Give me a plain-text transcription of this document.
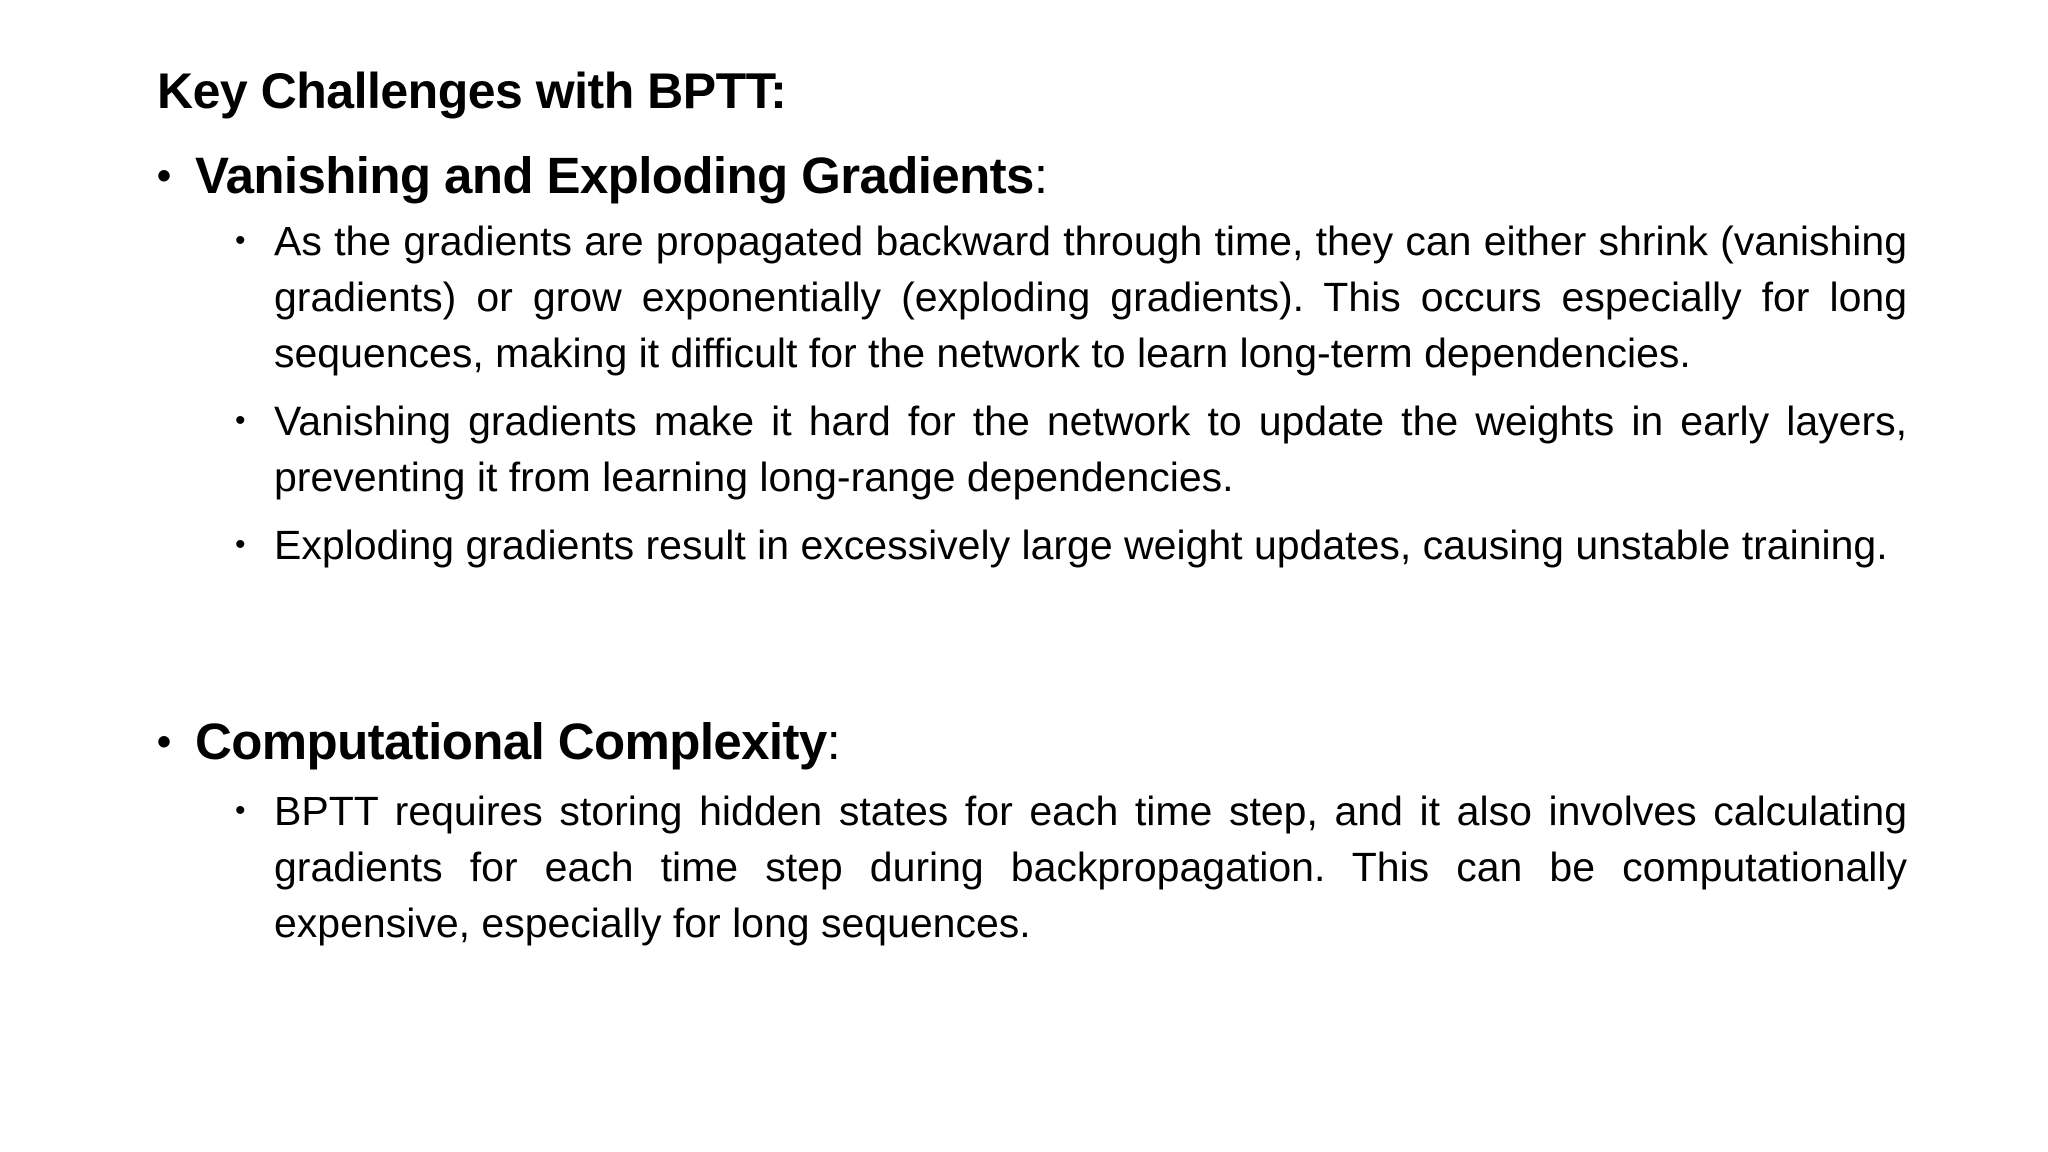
Key Challenges with BPTT:
• Vanishing and Exploding Gradients:
• As the gradients are propagated backward through time, they can either shrink (vanishing gradients) or grow exponentially (exploding gradients). This occurs especially for long sequences, making it difficult for the network to learn long-term dependencies.
• Vanishing gradients make it hard for the network to update the weights in early layers, preventing it from learning long-range dependencies.
• Exploding gradients result in excessively large weight updates, causing unstable training.
• Computational Complexity:
• BPTT requires storing hidden states for each time step, and it also involves calculating gradients for each time step during backpropagation. This can be computationally expensive, especially for long sequences.
